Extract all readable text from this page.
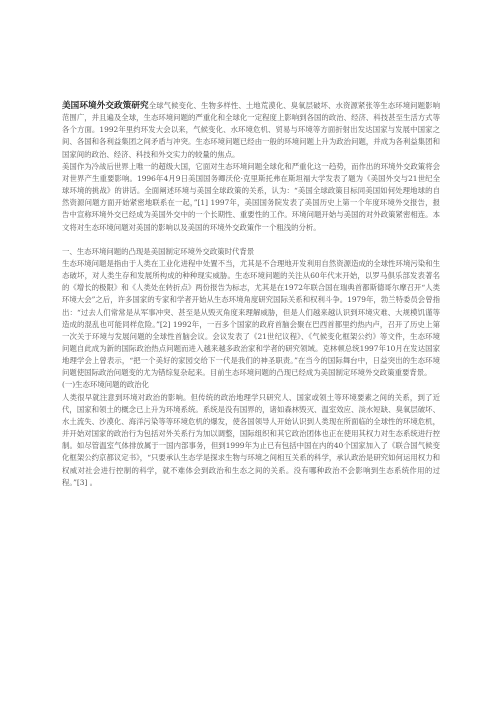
美国环境外交政策研究全球气候变化、生物多样性、土地荒漠化、臭氧层破坏、水资源紧张等生态环境问题影响范围广，并且遍及全球，生态环境问题的严重化和全球化一定程度上影响到各国的政治、经济、科技甚至生活方式等各个方面。1992年里约环发大会以来，气候变化、水环境危机、贸易与环境等方面折射出发达国家与发展中国家之间、各国和各利益集团之间矛盾与冲突。生态环境问题已经由一般的环境问题上升为政治问题，并成为各利益集团和国家间的政治、经济、科技和外交实力的较量的焦点。

美国作为冷战后世界上唯一的超级大国，它面对生态环境问题全球化和严重化这一趋势，而作出的环境外交政策将会对世界产生重要影响。1996年4月9日美国国务卿沃伦·克里斯托弗在斯坦福大学发表了题为《美国外交与21世纪全球环境的挑战》的讲话。全面阐述环境与美国全球政策的关系，认为：“美国全球政策目标同美国如何处理地球的自然资源问题方面开始紧密地联系在一起，”[1] 1997年，美国国务院发表了美国历史上第一个年度环境外交报告，报告中宣称环境外交已经成为美国外交中的一个长期性、重要性的工作。环境问题开始与美国的对外政策紧密相连。本文将对生态环境问题对美国的影响以及美国的环境外交政策作一个粗浅的分析。

一、生态环境问题的凸现是美国制定环境外交政策时代背景

生态环境问题是指由于人类在工业化进程中处置不当，尤其是不合理地开发利用自然资源造成的全球性环境污染和生态破坏，对人类生存和发展所构成的种种现实威胁。生态环境问题的关注从60年代末开始，以罗马俱乐部发表著名的《增长的极限》和《人类处在转折点》两份报告为标志，尤其是在1972年联合国在瑞典首都斯德哥尔摩召开“人类环境大会”之后，许多国家的专家和学者开始从生态环境角度研究国际关系和权利斗争。1979年，勃兰特委员会曾指出：“过去人们常常是从军事冲突、甚至是从毁灭角度来理解威胁，但是人们越来越认识到环境灾难、大规模饥谨等造成的混乱也可能同样危险。”[2] 1992年，一百多个国家的政府首脑会聚在巴西首都里约热内卢，召开了历史上第一次关于环境与发展问题的全球性首脑会议。会议发表了《21世纪议程》、《气候变化框架公约》等文件，生态环境问题自此成为新的国际政治热点问题而进入越来越多政治家和学者的研究领域。克林顿总统1997年10月在发达国家地理学会上曾表示，“把一个美好的家园交给下一代是我们的神圣职责。”在当今的国际舞台中，日益突出的生态环境问题使国际政治问题变的尤为错综复杂起来。目前生态环境问题的凸现已经成为美国制定环境外交政策重要背景。

(一)生态环境问题的政治化

人类很早就注意到环境对政治的影响。但传统的政治地理学只研究人、国家或领土等环境要素之间的关系，到了近代，国家和领土的概念已上升为环境系统。系统是没有国界的，诸如森林毁灭、温室效应、淡水短缺、臭氧层破坏、水土流失、沙漠化、海洋污染等等环境危机的爆发，使各国领导人开始认识到人类现在所面临的全球性的环境危机，并开始对国家的政治行为包括对外关系行为加以调整，国际组织和其它政治团体也正在使用其权力对生态系统进行控制。如尽管温室气体排放属于一国内部事务，但到1999年为止已有包括中国在内的40个国家加入了《联合国气候变化框架公约京都议定书》，“只要承认生态学是探求生物与环境之间相互关系的科学，承认政治是研究如何运用权力和权威对社会进行控制的科学，就不难体会到政治和生态之间的关系。没有哪种政治不会影响到生态系统作用的过程。”[3] 。
